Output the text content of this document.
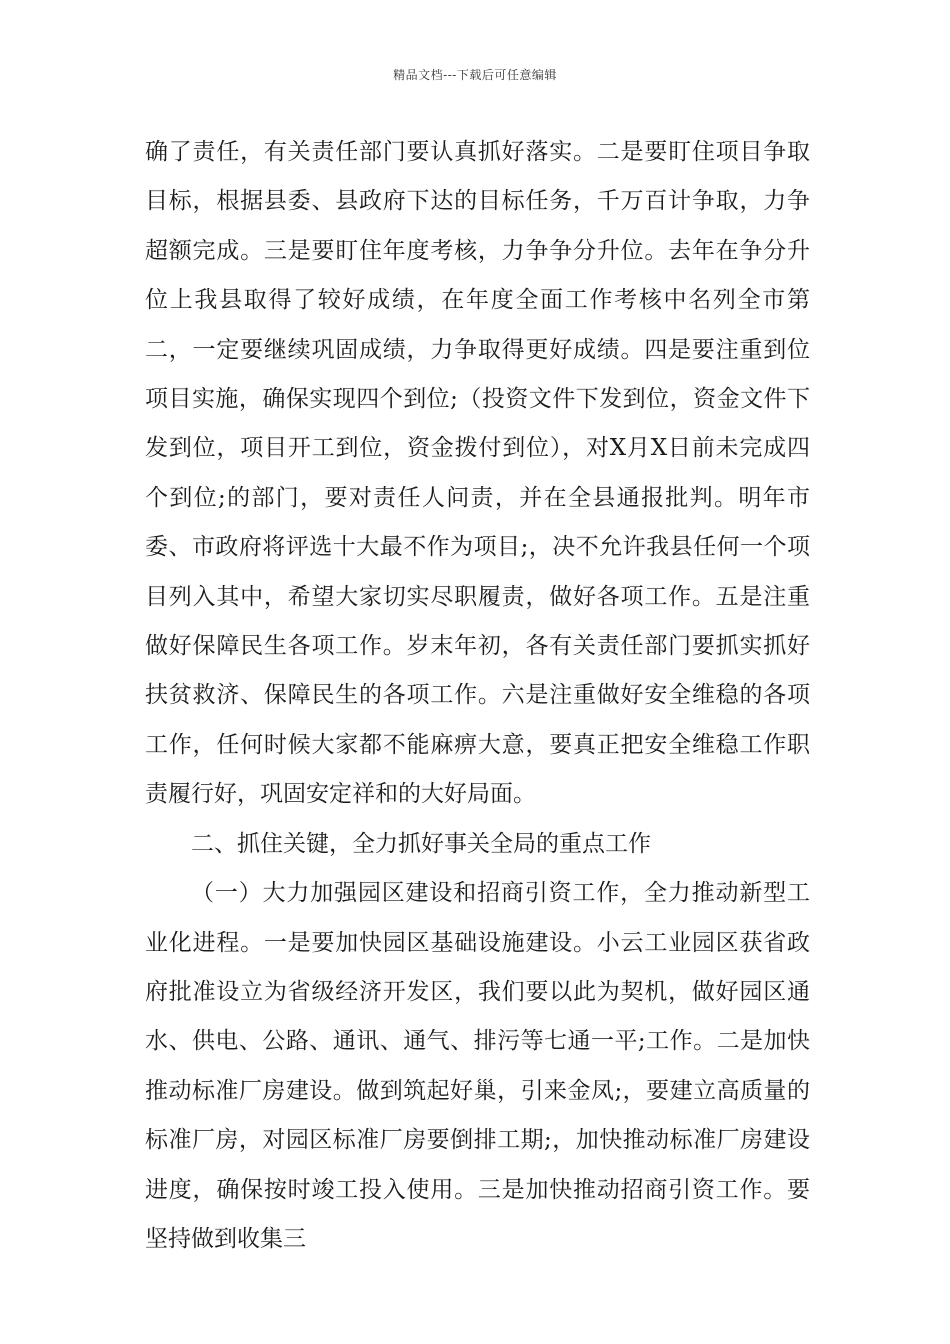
精品文档---下载后可任意编辑

确了责任，有关责任部门要认真抓好落实。二是要盯住项目争取目标，根据县委、县政府下达的目标任务，千万百计争取，力争超额完成。三是要盯住年度考核，力争争分升位。去年在争分升位上我县取得了较好成绩，在年度全面工作考核中名列全市第二，一定要继续巩固成绩，力争取得更好成绩。四是要注重到位项目实施，确保实现四个到位;（投资文件下发到位，资金文件下发到位，项目开工到位，资金拨付到位），对X月X日前未完成四个到位;的部门，要对责任人问责，并在全县通报批判。明年市委、市政府将评选十大最不作为项目;，决不允许我县任何一个项目列入其中，希望大家切实尽职履责，做好各项工作。五是注重做好保障民生各项工作。岁末年初，各有关责任部门要抓实抓好扶贫救济、保障民生的各项工作。六是注重做好安全维稳的各项工作，任何时候大家都不能麻痹大意，要真正把安全维稳工作职责履行好，巩固安定祥和的大好局面。

二、抓住关键，全力抓好事关全局的重点工作

（一）大力加强园区建设和招商引资工作，全力推动新型工业化进程。一是要加快园区基础设施建设。小云工业园区获省政府批准设立为省级经济开发区，我们要以此为契机，做好园区通水、供电、公路、通讯、通气、排污等七通一平;工作。二是加快推动标准厂房建设。做到筑起好巢，引来金凤;，要建立高质量的标准厂房，对园区标准厂房要倒排工期;，加快推动标准厂房建设进度，确保按时竣工投入使用。三是加快推动招商引资工作。要坚持做到收集三
